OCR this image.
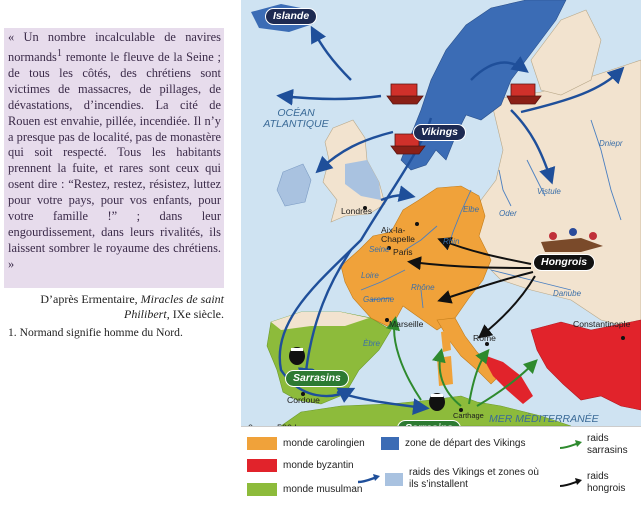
« Un nombre incalculable de navires normands$^1$ remonte le fleuve de la Seine ; de tous les côtés, des chrétiens sont victimes de massacres, de pillages, de dévastations, d’incendies. La cité de Rouen est envahie, pillée, incendiée. Il n’y a presque pas de localité, pas de monastère qui soit respecté. Tous les habitants prennent la fuite, et rares sont ceux qui osent dire : “Restez, restez, résistez, luttez pour votre pays, pour vos enfants, pour votre famille !” ; dans leur engourdissement, dans leurs rivalités, ils laissent sombrer le royaume des chrétiens. »

D’après Ermentaire, Miracles de saint Philibert, IXe siècle.

1. Normand signifie homme du Nord.

Islande
Vikings
Hongrois
Sarrasins
OCÉAN ATLANTIQUE
MER MÉDITERRANÉE
Londres
Aix-la-Chapelle
Paris
Marseille
Rome
Cordoue
Carthage
Constantinople
Elbe Oder
Vistule
Dniepr
Danube
Rhin
Seine
Loire
Rhône
Garonne
Èbre
monde carolingien
monde byzantin
monde musulman
zone de départ des Vikings
raids des Vikings et zones où ils s’installent
raids sarrasins
raids hongrois
